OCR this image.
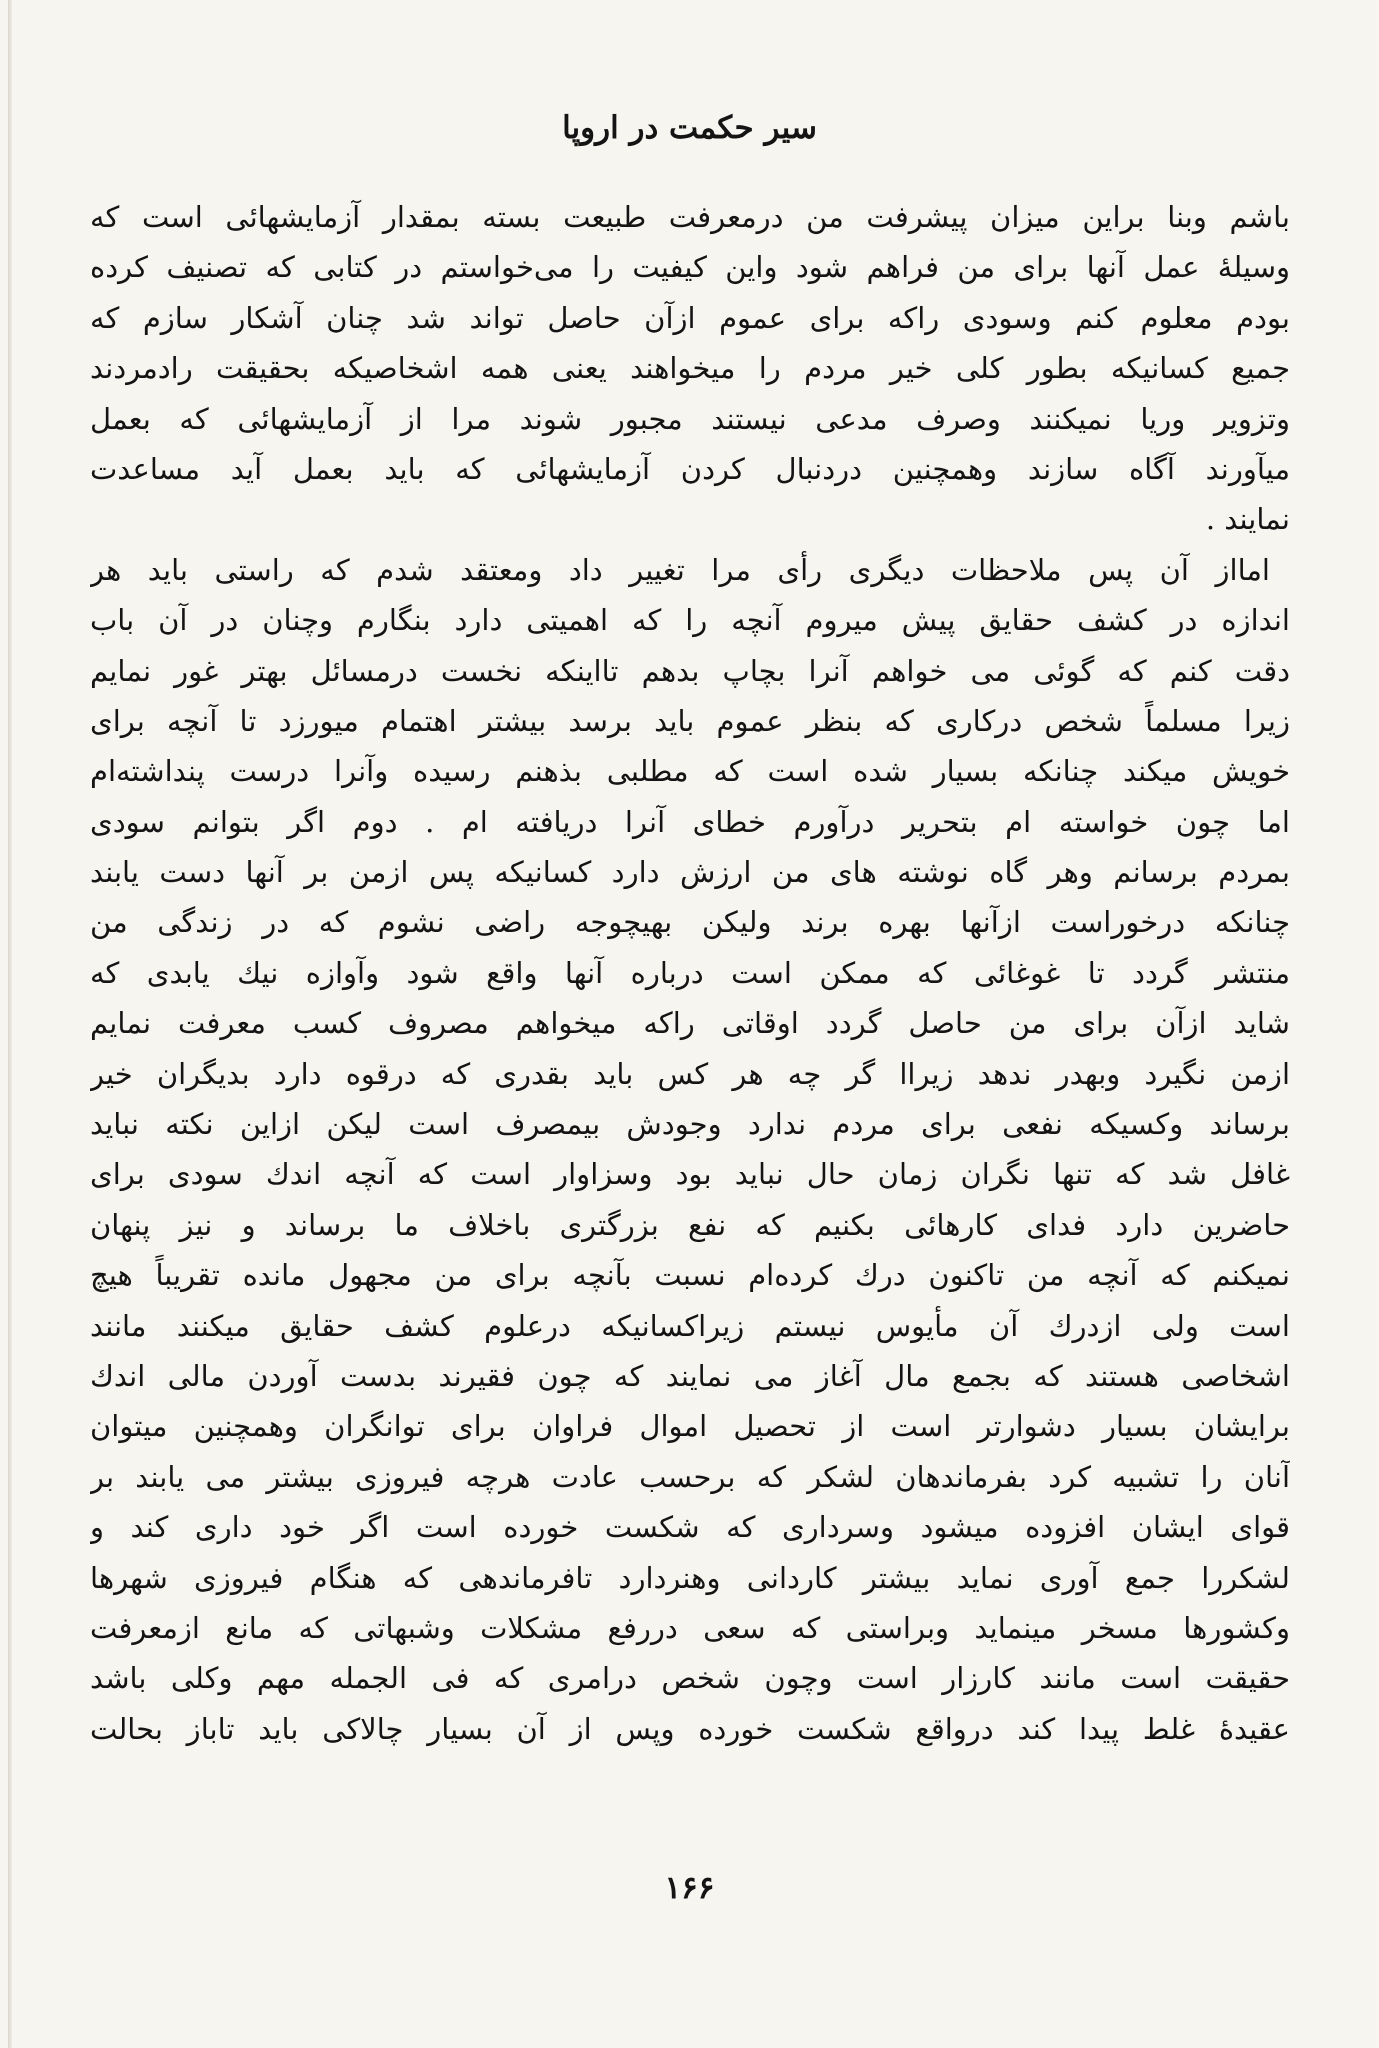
سیر حکمت در اروپا
باشم وبنا براین میزان پیشرفت من درمعرفت طبیعت بسته بمقدار آزمایشهائی است که
وسیلهٔ عمل آنها برای من فراهم شود واین کیفیت را می‌خواستم در کتابی که تصنیف کرده
بودم معلوم کنم وسودی راکه برای عموم ازآن حاصل تواند شد چنان آشکار سازم که
جمیع کسانیکه بطور کلی خیر مردم را میخواهند یعنی همه اشخاصیکه بحقیقت رادمردند
وتزویر وریا نمیکنند وصرف مدعی نیستند مجبور شوند مرا از آزمایشهائی که بعمل
میآورند آگاه سازند وهمچنین دردنبال کردن آزمایشهائی که باید بعمل آید مساعدت
نمایند .
امااز آن پس ملاحظات دیگری رأی مرا تغییر داد ومعتقد شدم که راستی باید هر
اندازه در کشف حقایق پیش میروم آنچه را که اهمیتی دارد بنگارم وچنان در آن باب
دقت کنم که گوئی می خواهم آنرا بچاپ بدهم تااینکه نخست درمسائل بهتر غور نمایم
زیرا مسلماً شخص درکاری که بنظر عموم باید برسد بیشتر اهتمام میورزد تا آنچه برای
خویش میکند چنانکه بسیار شده است که مطلبی بذهنم رسیده وآنرا درست پنداشته‌ام
اما چون خواسته ام بتحریر درآورم خطای آنرا دریافته ام . دوم اگر بتوانم سودی
بمردم برسانم وهر گاه نوشته های من ارزش دارد کسانیکه پس ازمن بر آنها دست یابند
چنانکه درخوراست ازآنها بهره برند ولیکن بهیچوجه راضی نشوم که در زندگی من
منتشر گردد تا غوغائی که ممکن است درباره آنها واقع شود وآوازه نیك یابدی که
شاید ازآن برای من حاصل گردد اوقاتی راکه میخواهم مصروف کسب معرفت نمایم
ازمن نگیرد وبهدر ندهد زیراا گر چه هر کس باید بقدری که درقوه دارد بدیگران خیر
برساند وکسیکه نفعی برای مردم ندارد وجودش بیمصرف است لیکن ازاین نکته نباید
غافل شد که تنها نگران زمان حال نباید بود وسزاوار است که آنچه اندك سودی برای
حاضرین دارد فدای کارهائی بکنیم که نفع بزرگتری باخلاف ما برساند و نیز پنهان
نمیکنم که آنچه من تاکنون درك کرده‌ام نسبت بآنچه برای من مجهول مانده تقریباً هیچ
است ولی ازدرك آن مأیوس نیستم زیراکسانیکه درعلوم کشف حقایق میکنند مانند
اشخاصی هستند که بجمع مال آغاز می نمایند که چون فقیرند بدست آوردن مالی اندك
برایشان بسیار دشوارتر است از تحصیل اموال فراوان برای توانگران وهمچنین میتوان
آنان را تشبیه کرد بفرماندهان لشکر که برحسب عادت هرچه فیروزی بیشتر می یابند بر
قوای ایشان افزوده میشود وسرداری که شکست خورده است اگر خود داری کند و
لشکررا جمع آوری نماید بیشتر کاردانی وهنردارد تافرماندهی که هنگام فیروزی شهرها
وکشورها مسخر مینماید وبراستی که سعی دررفع مشکلات وشبهاتی که مانع ازمعرفت
حقیقت است مانند کارزار است وچون شخص درامری که فی الجمله مهم وکلی باشد
عقیدهٔ غلط پیدا کند درواقع شکست خورده وپس از آن بسیار چالاکی باید تاباز بحالت
۱۶۶
